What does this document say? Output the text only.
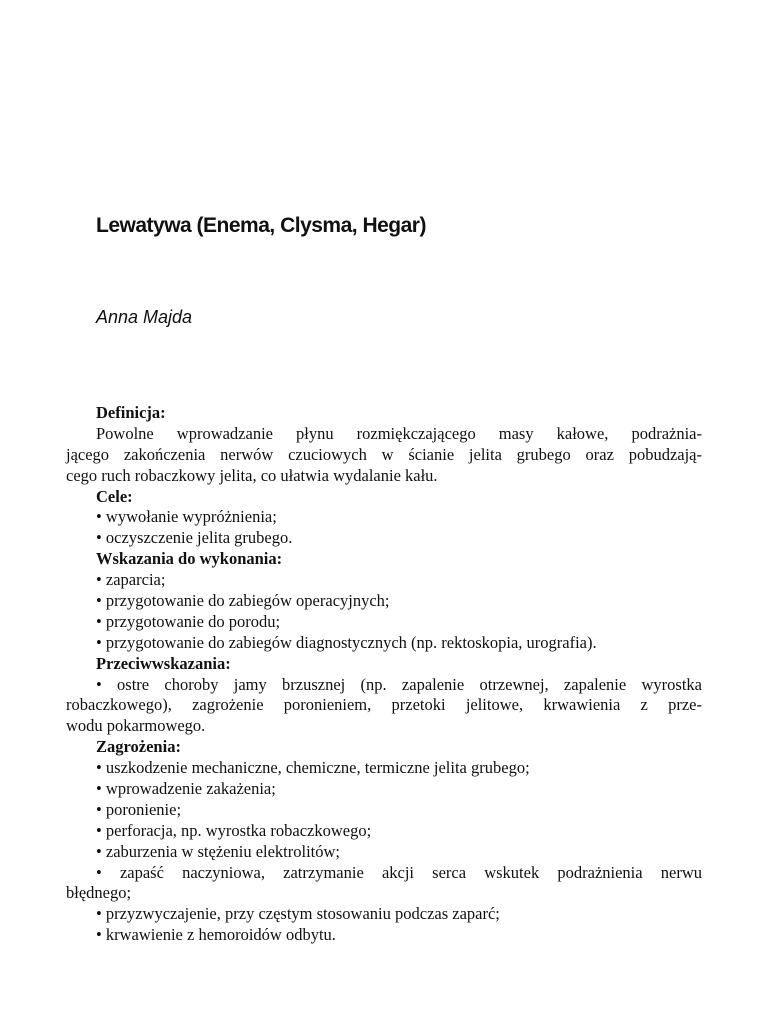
Lewatywa (Enema, Clysma, Hegar)

Anna Majda

Definicja:
Powolne wprowadzanie płynu rozmiękczającego masy kałowe, podrażnia-
jącego zakończenia nerwów czuciowych w ścianie jelita grubego oraz pobudzają-
cego ruch robaczkowy jelita, co ułatwia wydalanie kału.
Cele:
• wywołanie wypróżnienia;
• oczyszczenie jelita grubego.
Wskazania do wykonania:
• zaparcia;
• przygotowanie do zabiegów operacyjnych;
• przygotowanie do porodu;
• przygotowanie do zabiegów diagnostycznych (np. rektoskopia, urografia).
Przeciwwskazania:
• ostre choroby jamy brzusznej (np. zapalenie otrzewnej, zapalenie wyrostka
robaczkowego), zagrożenie poronieniem, przetoki jelitowe, krwawienia z prze-
wodu pokarmowego.
Zagrożenia:
• uszkodzenie mechaniczne, chemiczne, termiczne jelita grubego;
• wprowadzenie zakażenia;
• poronienie;
• perforacja, np. wyrostka robaczkowego;
• zaburzenia w stężeniu elektrolitów;
• zapaść naczyniowa, zatrzymanie akcji serca wskutek podrażnienia nerwu
błędnego;
• przyzwyczajenie, przy częstym stosowaniu podczas zaparć;
• krwawienie z hemoroidów odbytu.
